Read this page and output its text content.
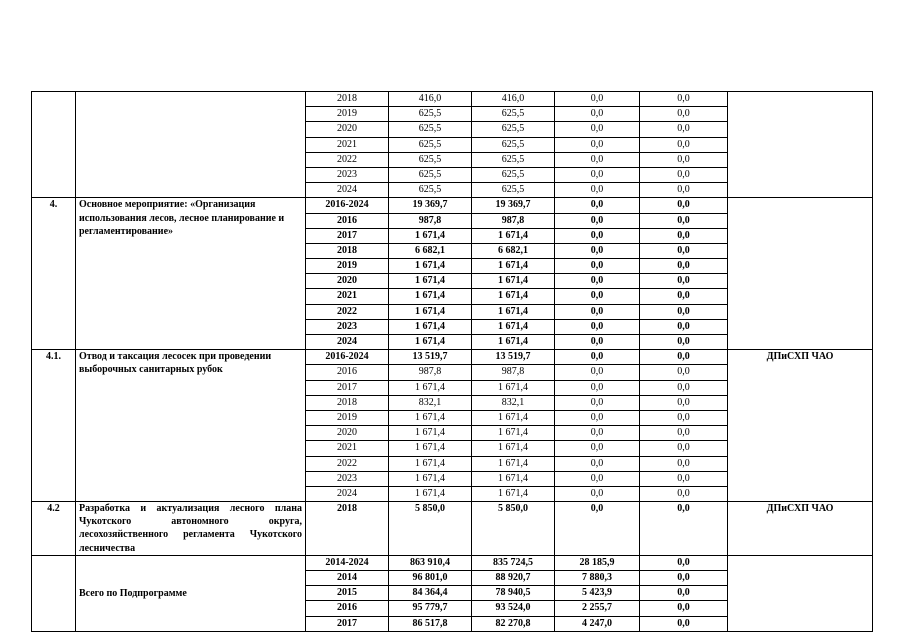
		2018	416,0	416,0	0,0	0,0	
		2019	625,5	625,5	0,0	0,0	
		2020	625,5	625,5	0,0	0,0	
		2021	625,5	625,5	0,0	0,0	
		2022	625,5	625,5	0,0	0,0	
		2023	625,5	625,5	0,0	0,0	
		2024	625,5	625,5	0,0	0,0	
4.	Основное мероприятие: «Организация использования лесов, лесное планирование и регламентирование»	2016-2024	19 369,7	19 369,7	0,0	0,0	
		2016	987,8	987,8	0,0	0,0	
		2017	1 671,4	1 671,4	0,0	0,0	
		2018	6 682,1	6 682,1	0,0	0,0	
		2019	1 671,4	1 671,4	0,0	0,0	
		2020	1 671,4	1 671,4	0,0	0,0	
		2021	1 671,4	1 671,4	0,0	0,0	
		2022	1 671,4	1 671,4	0,0	0,0	
		2023	1 671,4	1 671,4	0,0	0,0	
		2024	1 671,4	1 671,4	0,0	0,0	
4.1.	Отвод и таксация лесосек при проведении выборочных санитарных рубок	2016-2024	13 519,7	13 519,7	0,0	0,0	ДПиСХП ЧАО
		2016	987,8	987,8	0,0	0,0	
		2017	1 671,4	1 671,4	0,0	0,0	
		2018	832,1	832,1	0,0	0,0	
		2019	1 671,4	1 671,4	0,0	0,0	
		2020	1 671,4	1 671,4	0,0	0,0	
		2021	1 671,4	1 671,4	0,0	0,0	
		2022	1 671,4	1 671,4	0,0	0,0	
		2023	1 671,4	1 671,4	0,0	0,0	
		2024	1 671,4	1 671,4	0,0	0,0	
4.2	Разработка и актуализация лесного плана Чукотского автономного округа, лесохозяйственного регламента Чукотского лесничества	2018	5 850,0	5 850,0	0,0	0,0	ДПиСХП ЧАО
	Всего по Подпрограмме	2014-2024	863 910,4	835 724,5	28 185,9	0,0	
		2014	96 801,0	88 920,7	7 880,3	0,0	
		2015	84 364,4	78 940,5	5 423,9	0,0	
		2016	95 779,7	93 524,0	2 255,7	0,0	
		2017	86 517,8	82 270,8	4 247,0	0,0	
